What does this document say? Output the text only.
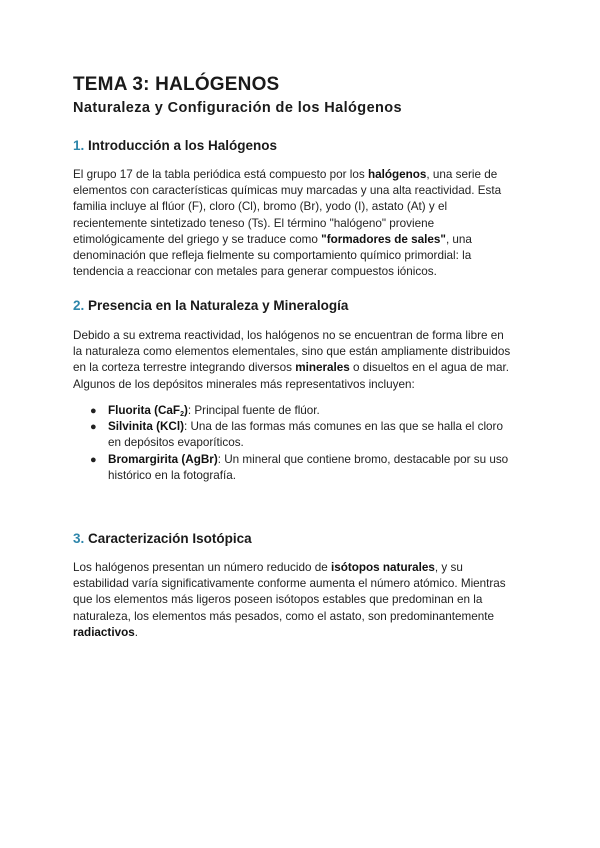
TEMA 3: HALÓGENOS
Naturaleza y Configuración de los Halógenos
1. Introducción a los Halógenos

El grupo 17 de la tabla periódica está compuesto por los halógenos, una serie de
elementos con características químicas muy marcadas y una alta reactividad. Esta
familia incluye al flúor (F), cloro (Cl), bromo (Br), yodo (I), astato (At) y el
recientemente sintetizado teneso (Ts). El término "halógeno" proviene
etimológicamente del griego y se traduce como "formadores de sales", una
denominación que refleja fielmente su comportamiento químico primordial: la
tendencia a reaccionar con metales para generar compuestos iónicos.

2. Presencia en la Naturaleza y Mineralogía

Debido a su extrema reactividad, los halógenos no se encuentran de forma libre en
la naturaleza como elementos elementales, sino que están ampliamente distribuidos
en la corteza terrestre integrando diversos minerales o disueltos en el agua de mar.
Algunos de los depósitos minerales más representativos incluyen:

● Fluorita (CaF$_2$): Principal fuente de flúor.
● Silvinita (KCl): Una de las formas más comunes en las que se halla el cloro
en depósitos evaporíticos.
● Bromargirita (AgBr): Un mineral que contiene bromo, destacable por su uso
histórico en la fotografía.
3. Caracterización Isotópica

Los halógenos presentan un número reducido de isótopos naturales, y su
estabilidad varía significativamente conforme aumenta el número atómico. Mientras
que los elementos más ligeros poseen isótopos estables que predominan en la
naturaleza, los elementos más pesados, como el astato, son predominantemente
radiactivos.
